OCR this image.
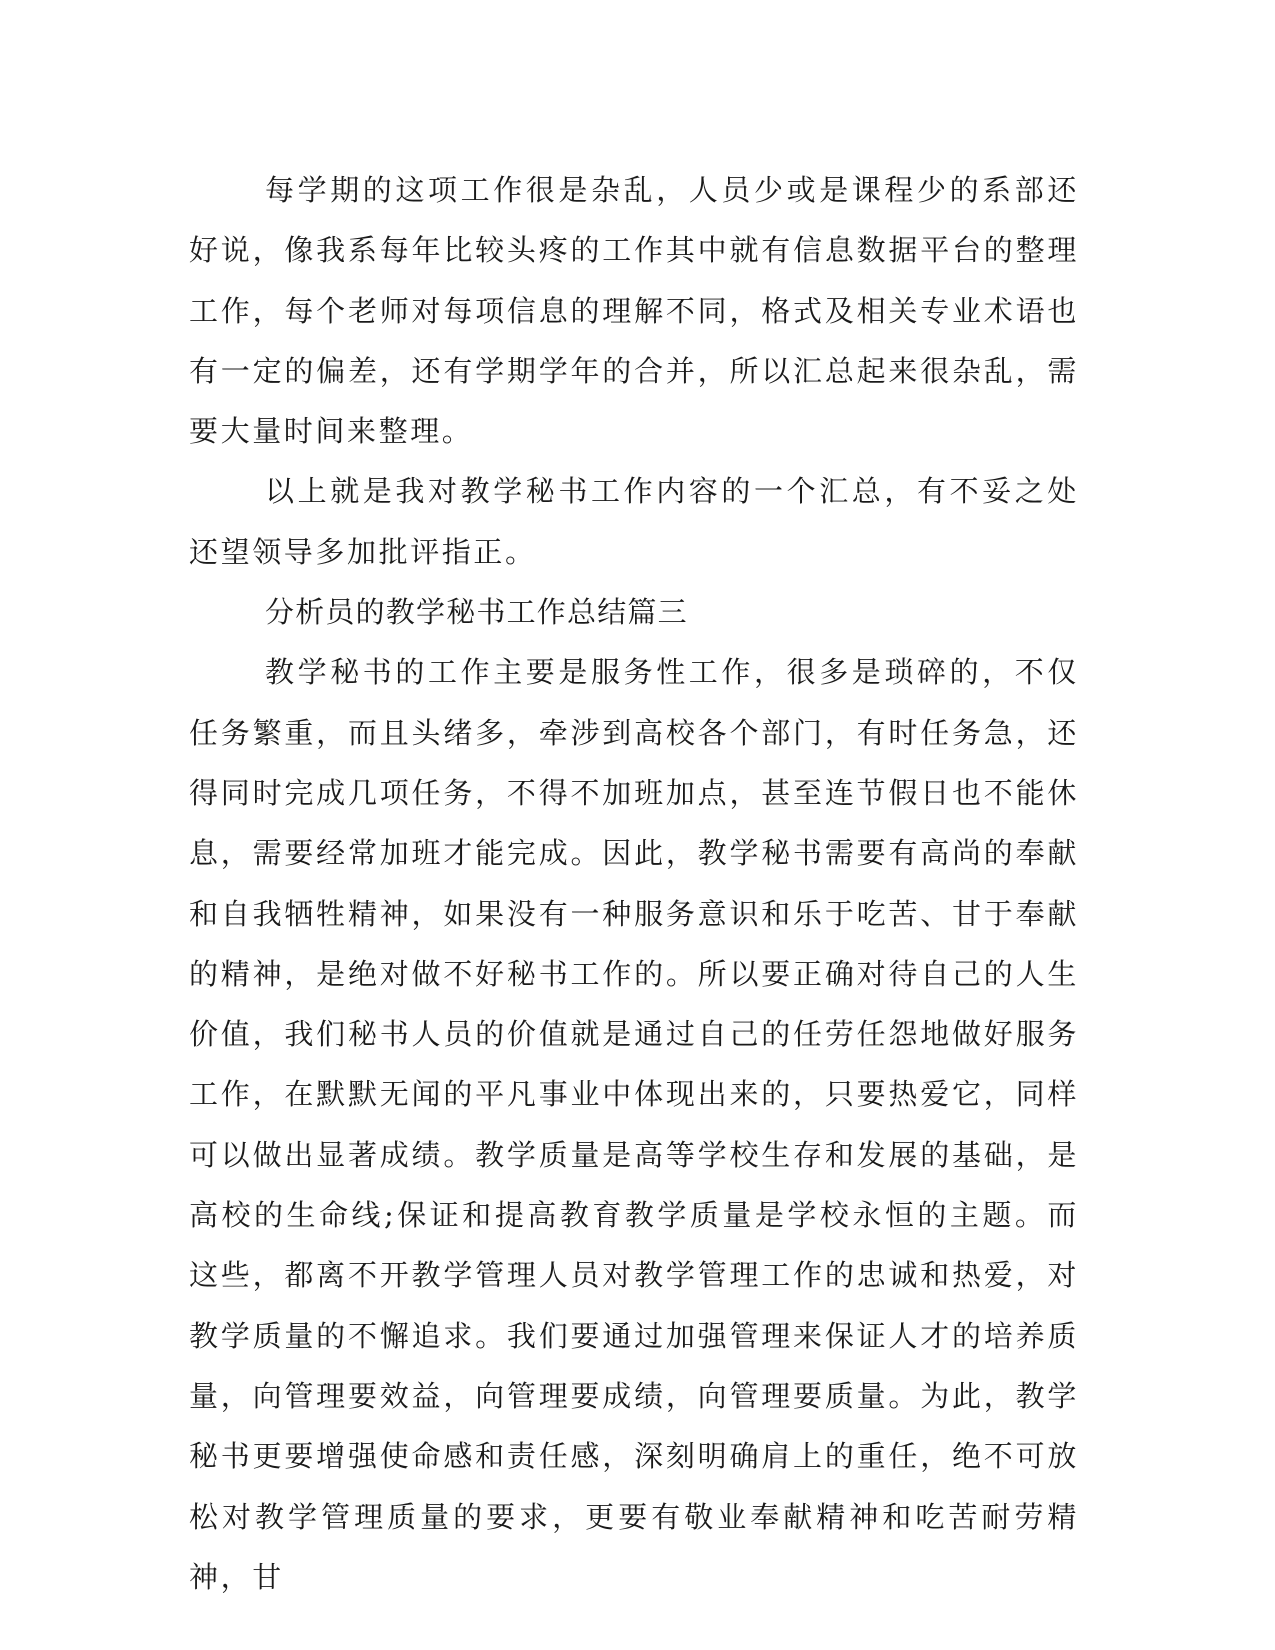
每学期的这项工作很是杂乱，人员少或是课程少的系部还好说，像我系每年比较头疼的工作其中就有信息数据平台的整理工作，每个老师对每项信息的理解不同，格式及相关专业术语也有一定的偏差，还有学期学年的合并，所以汇总起来很杂乱，需要大量时间来整理。

以上就是我对教学秘书工作内容的一个汇总，有不妥之处还望领导多加批评指正。

分析员的教学秘书工作总结篇三

教学秘书的工作主要是服务性工作，很多是琐碎的，不仅任务繁重，而且头绪多，牵涉到高校各个部门，有时任务急，还得同时完成几项任务，不得不加班加点，甚至连节假日也不能休息，需要经常加班才能完成。因此，教学秘书需要有高尚的奉献和自我牺牲精神，如果没有一种服务意识和乐于吃苦、甘于奉献的精神，是绝对做不好秘书工作的。所以要正确对待自己的人生价值，我们秘书人员的价值就是通过自己的任劳任怨地做好服务工作，在默默无闻的平凡事业中体现出来的，只要热爱它，同样可以做出显著成绩。教学质量是高等学校生存和发展的基础，是高校的生命线;保证和提高教育教学质量是学校永恒的主题。而这些，都离不开教学管理人员对教学管理工作的忠诚和热爱，对教学质量的不懈追求。我们要通过加强管理来保证人才的培养质量，向管理要效益，向管理要成绩，向管理要质量。为此，教学秘书更要增强使命感和责任感，深刻明确肩上的重任，绝不可放松对教学管理质量的要求，更要有敬业奉献精神和吃苦耐劳精神，甘
